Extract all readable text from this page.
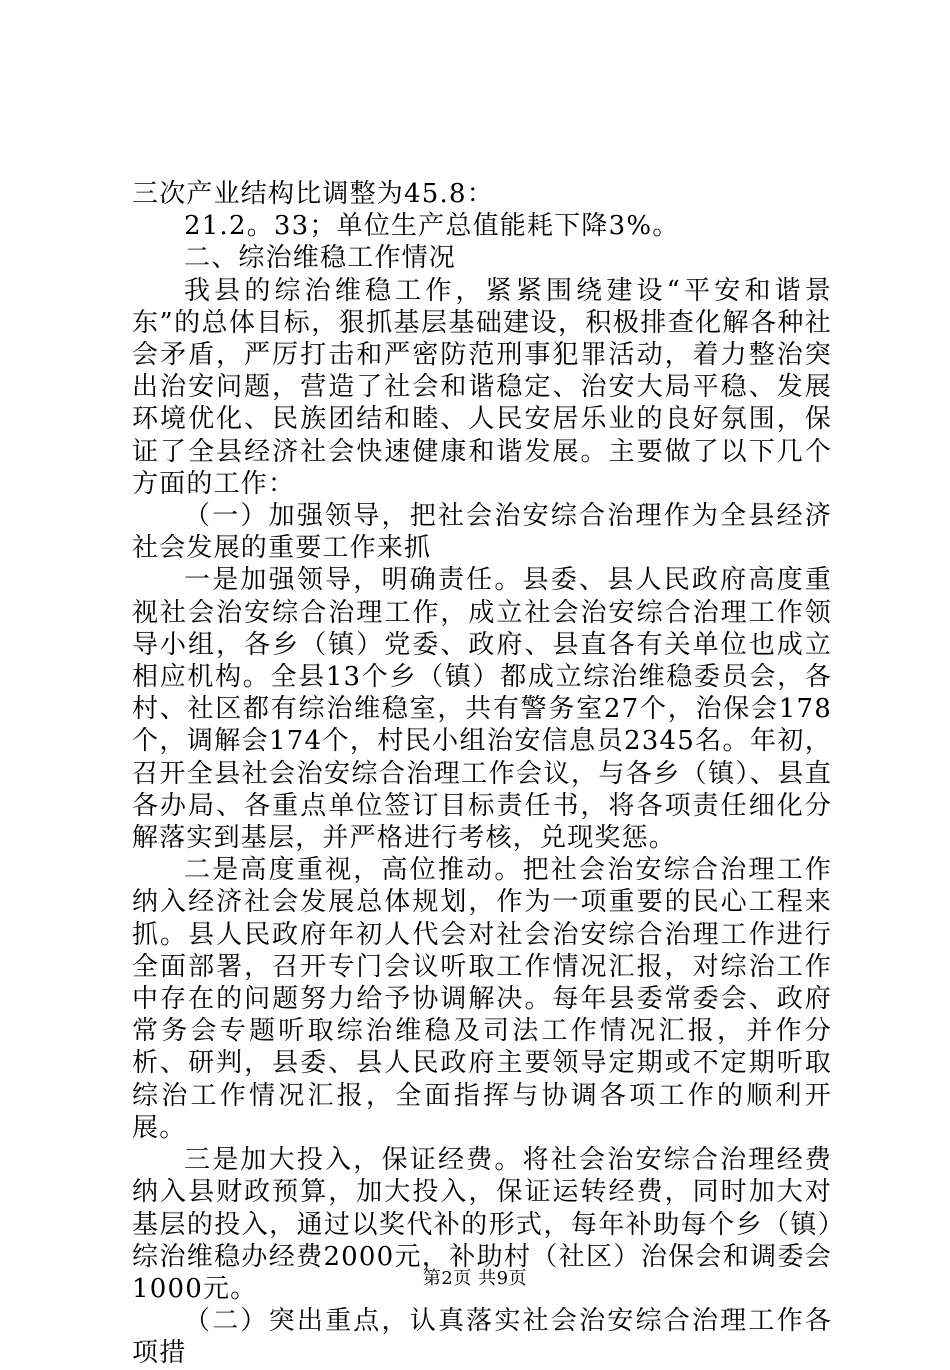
三次产业结构比调整为45.8：

21.2。33；单位生产总值能耗下降3%。

二、综治维稳工作情况

我县的综治维稳工作，紧紧围绕建设“平安和谐景东”的总体目标，狠抓基层基础建设，积极排查化解各种社会矛盾，严厉打击和严密防范刑事犯罪活动，着力整治突出治安问题，营造了社会和谐稳定、治安大局平稳、发展环境优化、民族团结和睦、人民安居乐业的良好氛围，保证了全县经济社会快速健康和谐发展。主要做了以下几个方面的工作：

（一）加强领导，把社会治安综合治理作为全县经济社会发展的重要工作来抓

一是加强领导，明确责任。县委、县人民政府高度重视社会治安综合治理工作，成立社会治安综合治理工作领导小组，各乡（镇）党委、政府、县直各有关单位也成立相应机构。全县13个乡（镇）都成立综治维稳委员会，各村、社区都有综治维稳室，共有警务室27个，治保会178个，调解会174个，村民小组治安信息员2345名。年初，召开全县社会治安综合治理工作会议，与各乡（镇）、县直各办局、各重点单位签订目标责任书，将各项责任细化分解落实到基层，并严格进行考核，兑现奖惩。

二是高度重视，高位推动。把社会治安综合治理工作纳入经济社会发展总体规划，作为一项重要的民心工程来抓。县人民政府年初人代会对社会治安综合治理工作进行全面部署，召开专门会议听取工作情况汇报，对综治工作中存在的问题努力给予协调解决。每年县委常委会、政府常务会专题听取综治维稳及司法工作情况汇报，并作分析、研判，县委、县人民政府主要领导定期或不定期听取综治工作情况汇报，全面指挥与协调各项工作的顺利开展。

三是加大投入，保证经费。将社会治安综合治理经费纳入县财政预算，加大投入，保证运转经费，同时加大对基层的投入，通过以奖代补的形式，每年补助每个乡（镇）综治维稳办经费2000元，补助村（社区）治保会和调委会1000元。

（二）突出重点，认真落实社会治安综合治理工作各项措

第2页 共9页
